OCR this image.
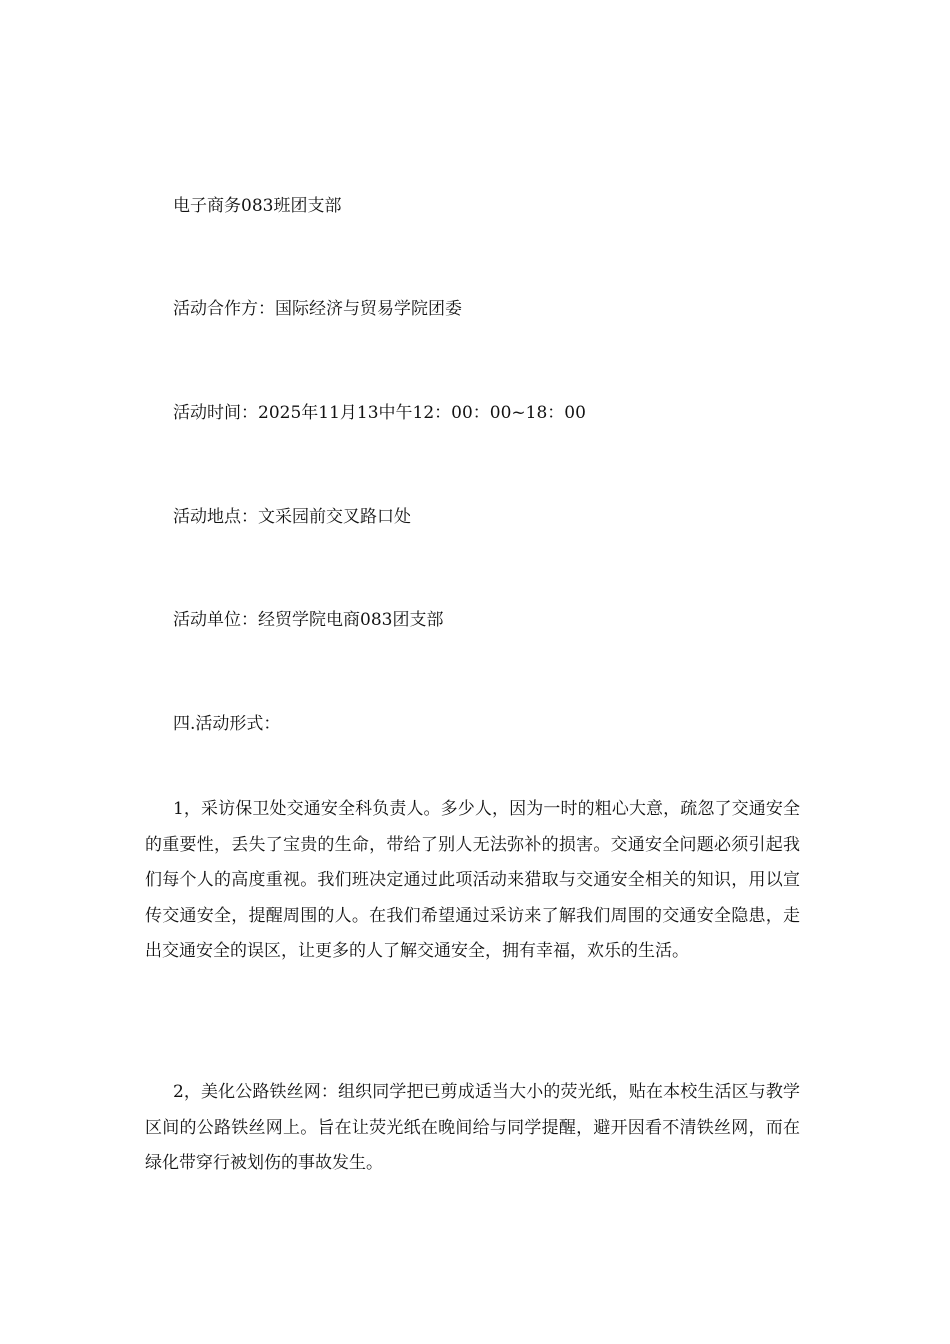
电子商务083班团支部
活动合作方：国际经济与贸易学院团委
活动时间：2025年11月13中午12：00：00~18：00
活动地点：文采园前交叉路口处
活动单位：经贸学院电商083团支部
四.活动形式：

1，采访保卫处交通安全科负责人。多少人，因为一时的粗心大意，疏忽了交通安全的重要性，丢失了宝贵的生命，带给了别人无法弥补的损害。交通安全问题必须引起我们每个人的高度重视。我们班决定通过此项活动来猎取与交通安全相关的知识，用以宣传交通安全，提醒周围的人。在我们希望通过采访来了解我们周围的交通安全隐患，走出交通安全的误区，让更多的人了解交通安全，拥有幸福，欢乐的生活。

2，美化公路铁丝网：组织同学把已剪成适当大小的荧光纸，贴在本校生活区与教学区间的公路铁丝网上。旨在让荧光纸在晚间给与同学提醒，避开因看不清铁丝网，而在绿化带穿行被划伤的事故发生。
